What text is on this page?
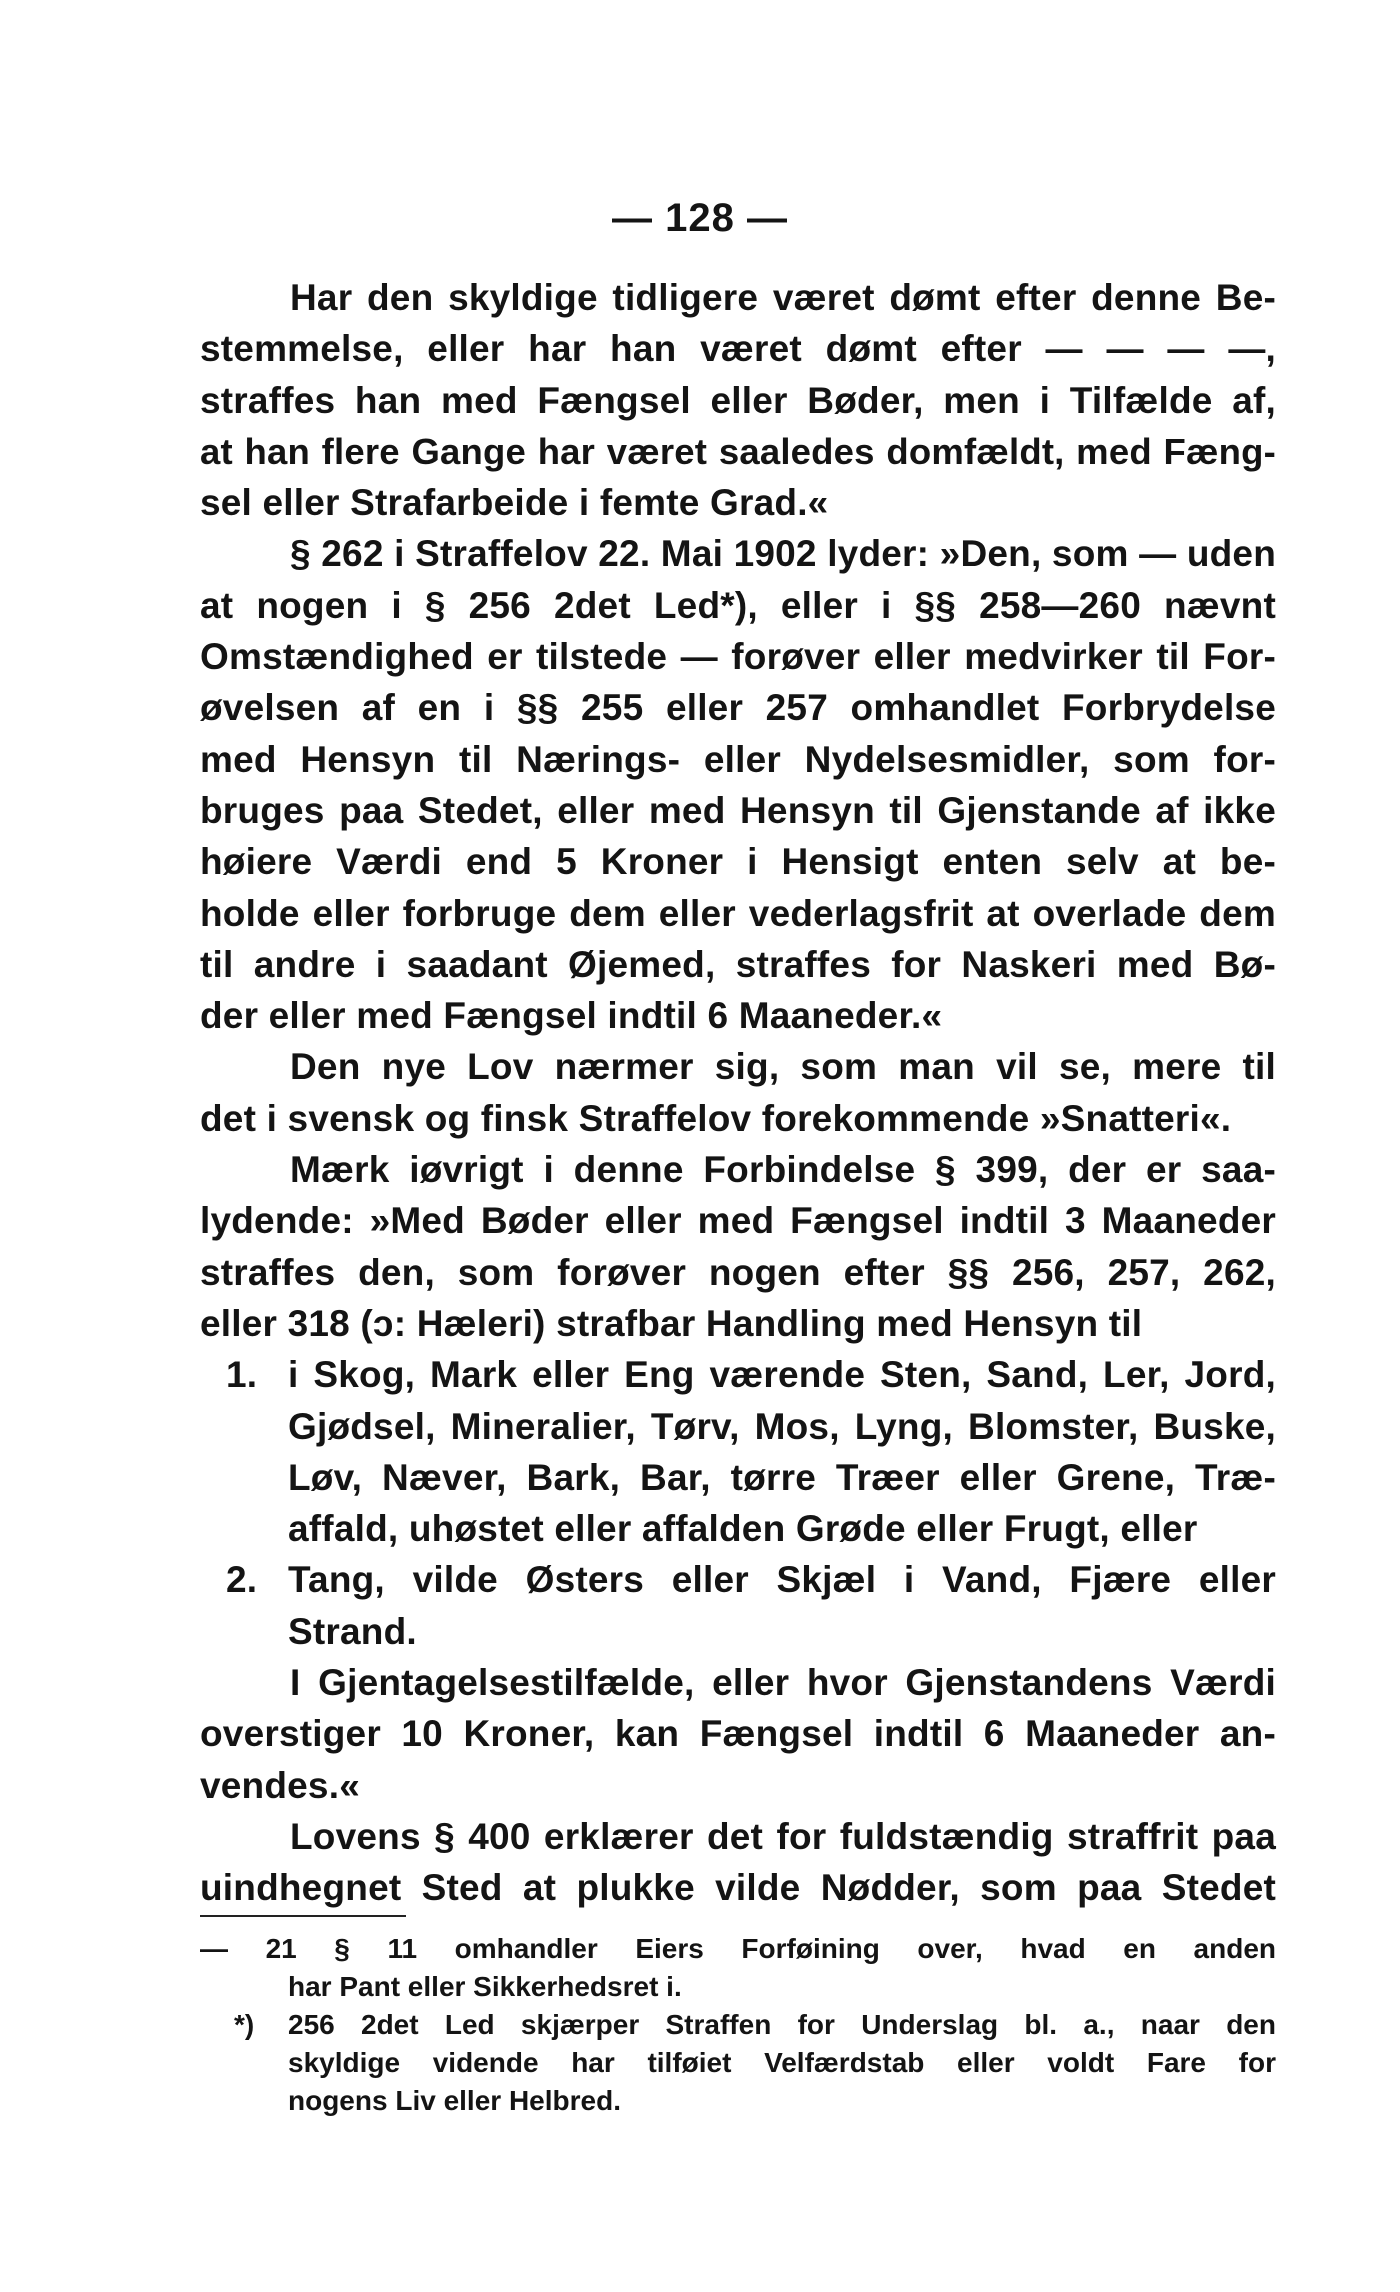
— 128 —
Har den skyldige tidligere været dømt efter denne Be-
stemmelse, eller har han været dømt efter — — — —,
straffes han med Fængsel eller Bøder, men i Tilfælde af,
at han flere Gange har været saaledes domfældt, med Fæng-
sel eller Strafarbeide i femte Grad.«
§ 262 i Straffelov 22. Mai 1902 lyder: »Den, som — uden
at nogen i § 256 2det Led*), eller i §§ 258—260 nævnt
Omstændighed er tilstede — forøver eller medvirker til For-
øvelsen af en i §§ 255 eller 257 omhandlet Forbrydelse
med Hensyn til Nærings- eller Nydelsesmidler, som for-
bruges paa Stedet, eller med Hensyn til Gjenstande af ikke
høiere Værdi end 5 Kroner i Hensigt enten selv at be-
holde eller forbruge dem eller vederlagsfrit at overlade dem
til andre i saadant Øjemed, straffes for Naskeri med Bø-
der eller med Fængsel indtil 6 Maaneder.«
Den nye Lov nærmer sig, som man vil se, mere til
det i svensk og finsk Straffelov forekommende »Snatteri«.
Mærk iøvrigt i denne Forbindelse § 399, der er saa-
lydende: »Med Bøder eller med Fængsel indtil 3 Maaneder
straffes den, som forøver nogen efter §§ 256, 257, 262,
eller 318 (ɔ: Hæleri) strafbar Handling med Hensyn til
1. i Skog, Mark eller Eng værende Sten, Sand, Ler, Jord,
Gjødsel, Mineralier, Tørv, Mos, Lyng, Blomster, Buske,
Løv, Næver, Bark, Bar, tørre Træer eller Grene, Træ-
affald, uhøstet eller affalden Grøde eller Frugt, eller
2. Tang, vilde Østers eller Skjæl i Vand, Fjære eller
Strand.
I Gjentagelsestilfælde, eller hvor Gjenstandens Værdi
overstiger 10 Kroner, kan Fængsel indtil 6 Maaneder an-
vendes.«
Lovens § 400 erklærer det for fuldstændig straffrit paa
uindhegnet Sted at plukke vilde Nødder, som paa Stedet
— 21 § 11 omhandler Eiers Forføining over, hvad en anden
har Pant eller Sikkerhedsret i.
*) 256 2det Led skjærper Straffen for Underslag bl. a., naar den
skyldige vidende har tilføiet Velfærdstab eller voldt Fare for
nogens Liv eller Helbred.
